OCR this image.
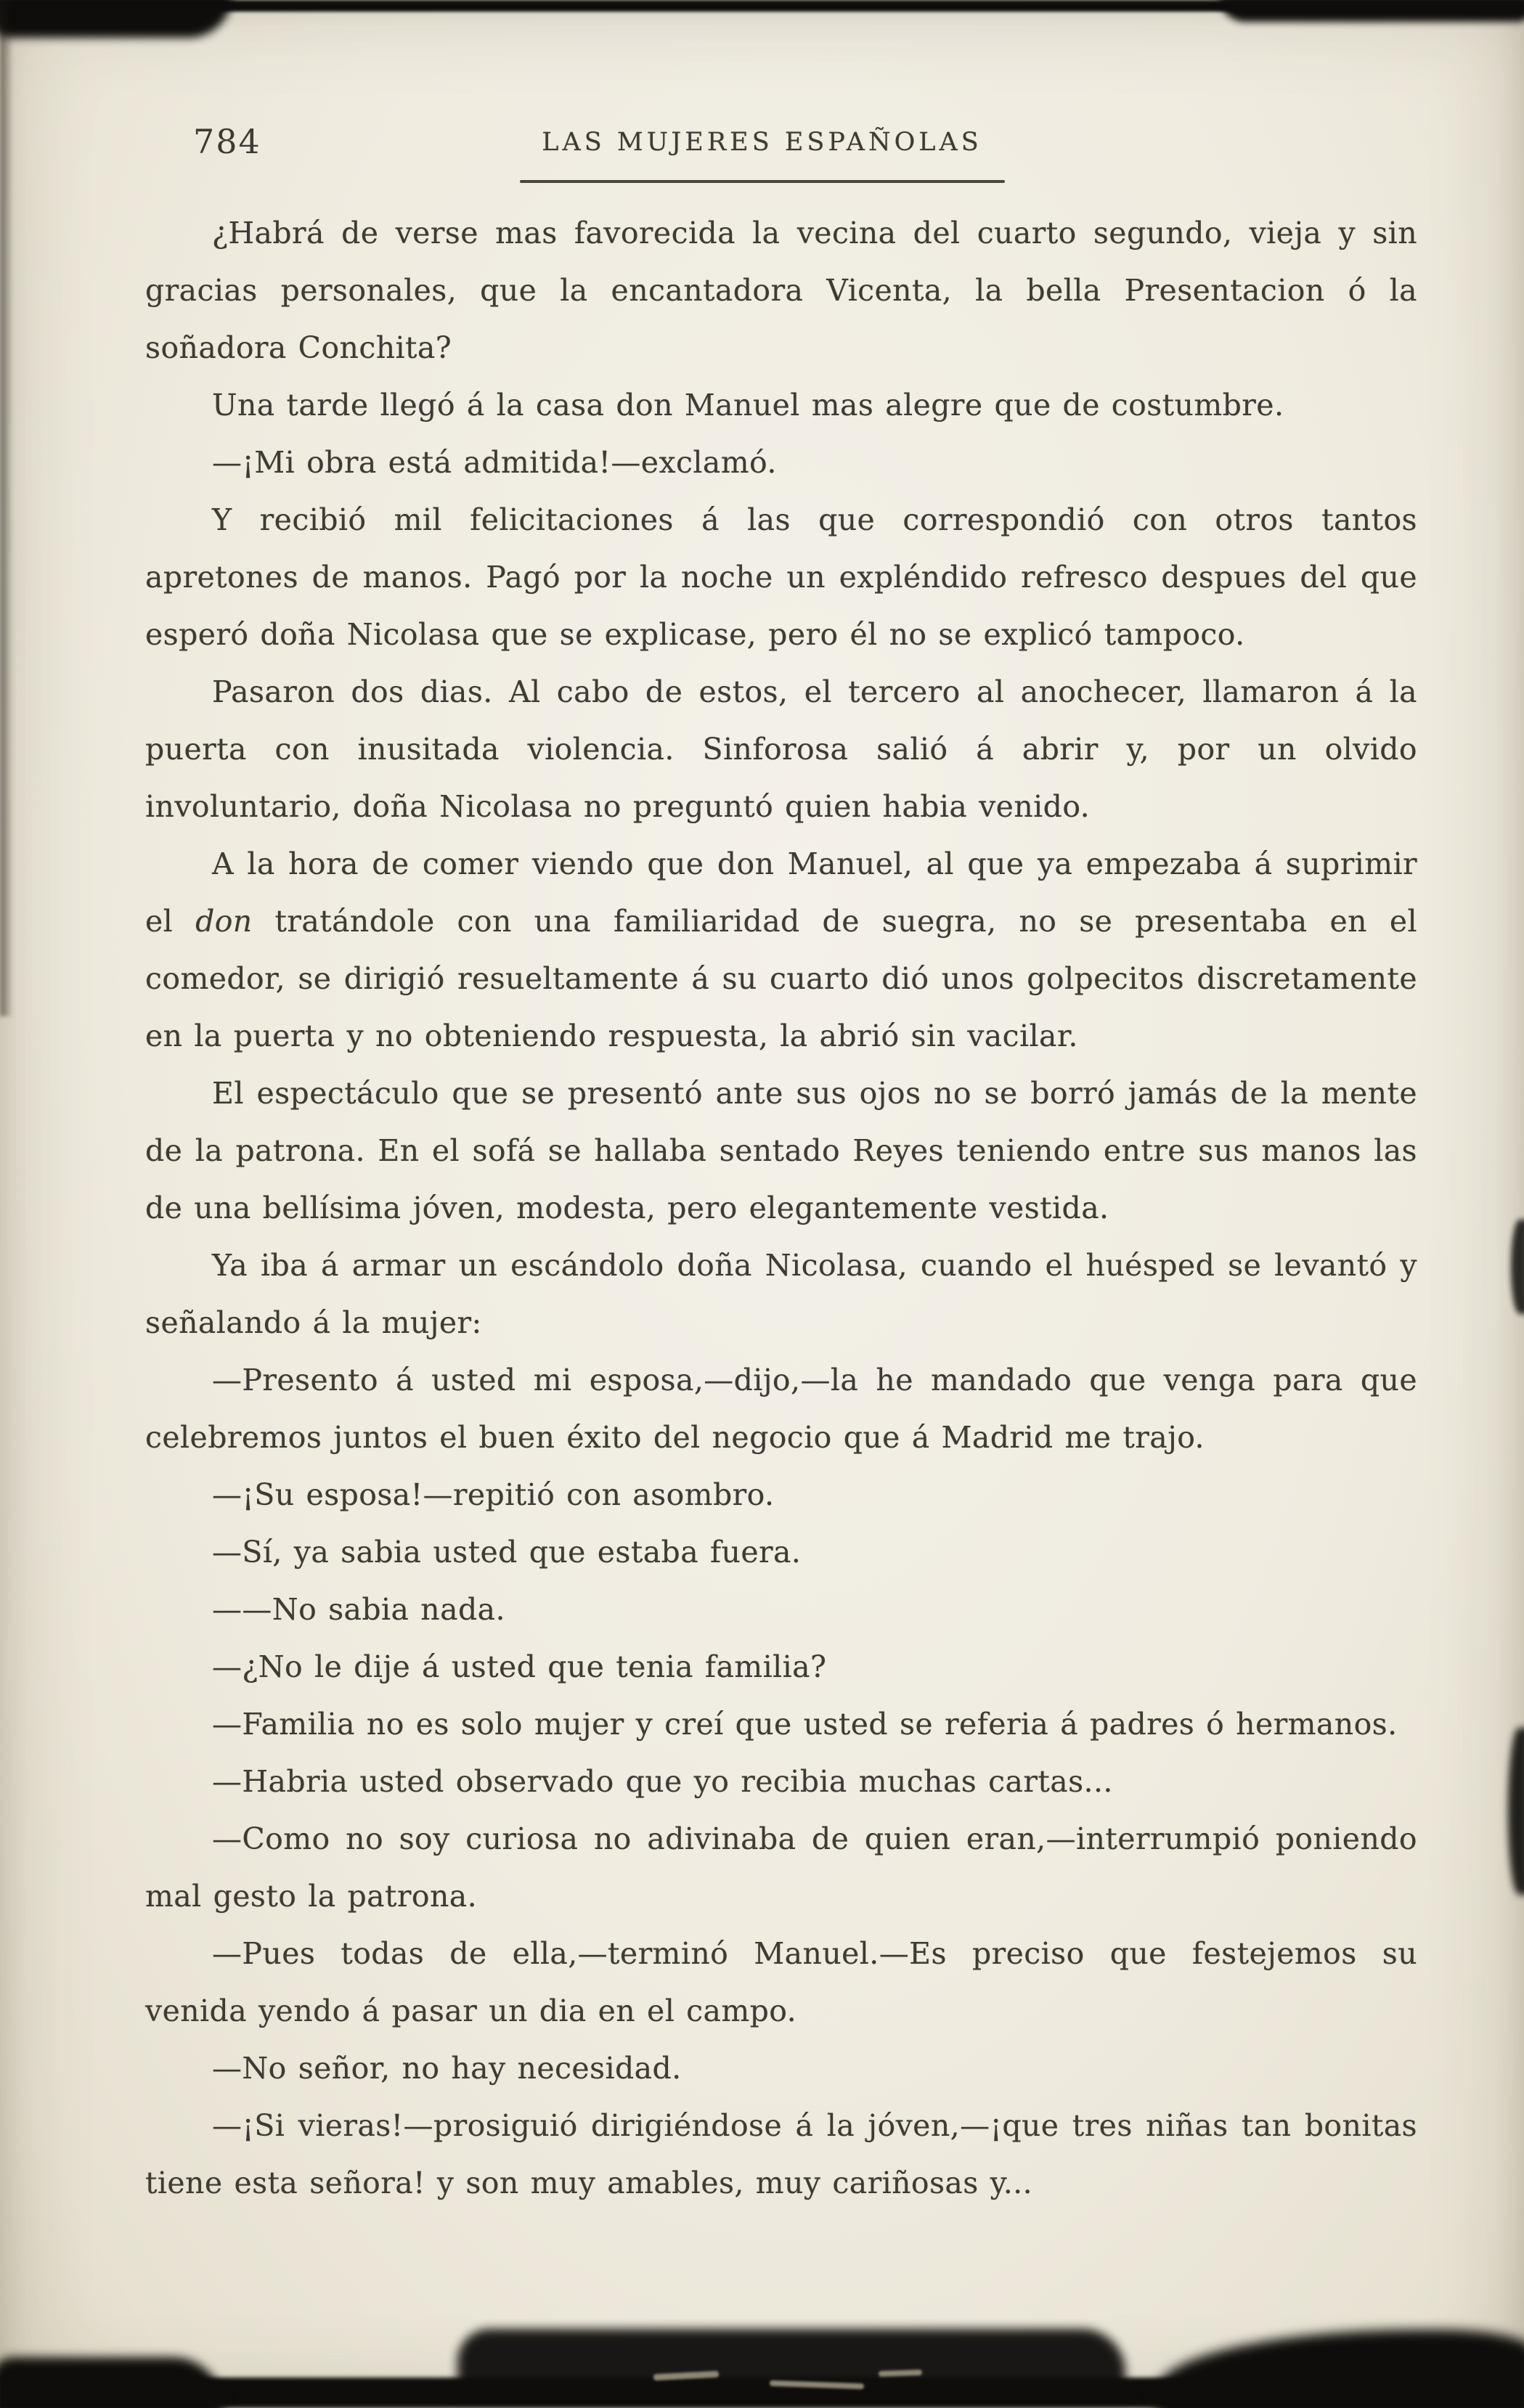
784	LAS MUJERES ESPAÑOLAS

¿Habrá de verse mas favorecida la vecina del cuarto segundo, vieja y sin gracias personales, que la encantadora Vicenta, la bella Presentacion ó la soñadora Conchita?

Una tarde llegó á la casa don Manuel mas alegre que de costumbre.

—¡Mi obra está admitida!—exclamó.

Y recibió mil felicitaciones á las que correspondió con otros tantos apretones de manos. Pagó por la noche un expléndido refresco despues del que esperó doña Nicolasa que se explicase, pero él no se explicó tampoco.

Pasaron dos dias. Al cabo de estos, el tercero al anochecer, llamaron á la puerta con inusitada violencia. Sinforosa salió á abrir y, por un olvido involuntario, doña Nicolasa no preguntó quien habia venido.

A la hora de comer viendo que don Manuel, al que ya empezaba á suprimir el don tratándole con una familiaridad de suegra, no se presentaba en el comedor, se dirigió resueltamente á su cuarto dió unos golpecitos discretamente en la puerta y no obteniendo respuesta, la abrió sin vacilar.

El espectáculo que se presentó ante sus ojos no se borró jamás de la mente de la patrona. En el sofá se hallaba sentado Reyes teniendo entre sus manos las de una bellísima jóven, modesta, pero elegantemente vestida.

Ya iba á armar un escándolo doña Nicolasa, cuando el huésped se levantó y señalando á la mujer:

—Presento á usted mi esposa,—dijo,—la he mandado que venga para que celebremos juntos el buen éxito del negocio que á Madrid me trajo.

—¡Su esposa!—repitió con asombro.

—Sí, ya sabia usted que estaba fuera.

——No sabia nada.

—¿No le dije á usted que tenia familia?

—Familia no es solo mujer y creí que usted se referia á padres ó hermanos.

—Habria usted observado que yo recibia muchas cartas...

—Como no soy curiosa no adivinaba de quien eran,—interrumpió poniendo mal gesto la patrona.

—Pues todas de ella,—terminó Manuel.—Es preciso que festejemos su venida yendo á pasar un dia en el campo.

—No señor, no hay necesidad.

—¡Si vieras!—prosiguió dirigiéndose á la jóven,—¡que tres niñas tan bonitas tiene esta señora! y son muy amables, muy cariñosas y...
